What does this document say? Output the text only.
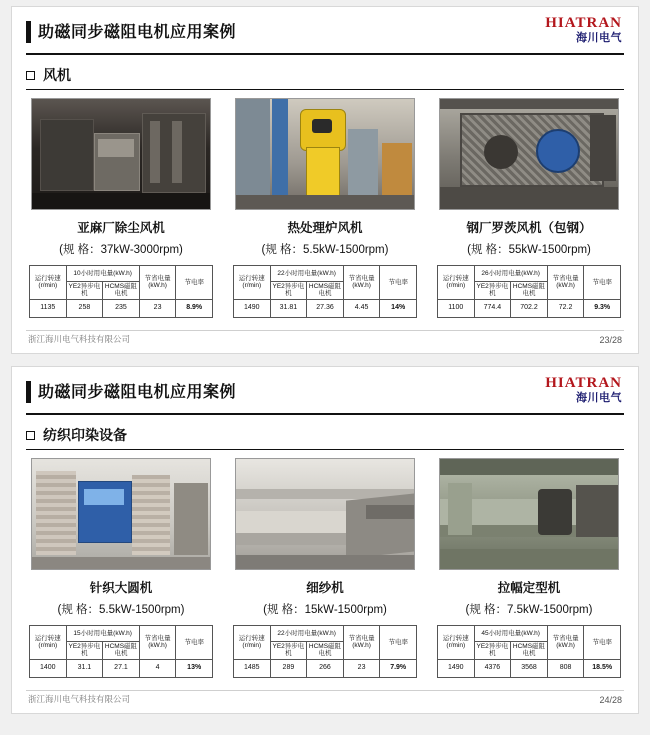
助磁同步磁阻电机应用案例
HIATRAN
海川电气
风机
亚麻厂除尘风机
(规 格：37kW-3000rpm)
运行转速
(r/min)	10小时用电量(kW.h)		节省电量
(kW.h)	节电率
	YE2异步电机	HCMS磁阻电机		
1135	258	235	23	8.9%
热处理炉风机
(规 格：5.5kW-1500rpm)
运行转速
(r/min)	22小时用电量(kW.h)		节省电量
(kW.h)	节电率
	YE2异步电机	HCMS磁阻电机		
1490	31.81	27.36	4.45	14%
钢厂罗茨风机（包钢）
(规 格：55kW-1500rpm)
运行转速
(r/min)	26小时用电量(kW.h)		节省电量
(kW.h)	节电率
	YE2异步电机	HCMS磁阻电机		
1100	774.4	702.2	72.2	9.3%
浙江海川电气科技有限公司	23/28
助磁同步磁阻电机应用案例
HIATRAN
海川电气
纺织印染设备
针织大圆机
(规 格：5.5kW-1500rpm)
运行转速
(r/min)	15小时用电量(kW.h)		节省电量
(kW.h)	节电率
	YE2异步电机	HCMS磁阻电机		
1400	31.1	27.1	4	13%
细纱机
(规 格：15kW-1500rpm)
运行转速
(r/min)	22小时用电量(kW.h)		节省电量
(kW.h)	节电率
	YE2异步电机	HCMS磁阻电机		
1485	289	266	23	7.9%
拉幅定型机
(规 格：7.5kW-1500rpm)
运行转速
(r/min)	45小时用电量(kW.h)		节省电量
(kW.h)	节电率
	YE2异步电机	HCMS磁阻电机		
1490	4376	3568	808	18.5%
浙江海川电气科技有限公司	24/28
